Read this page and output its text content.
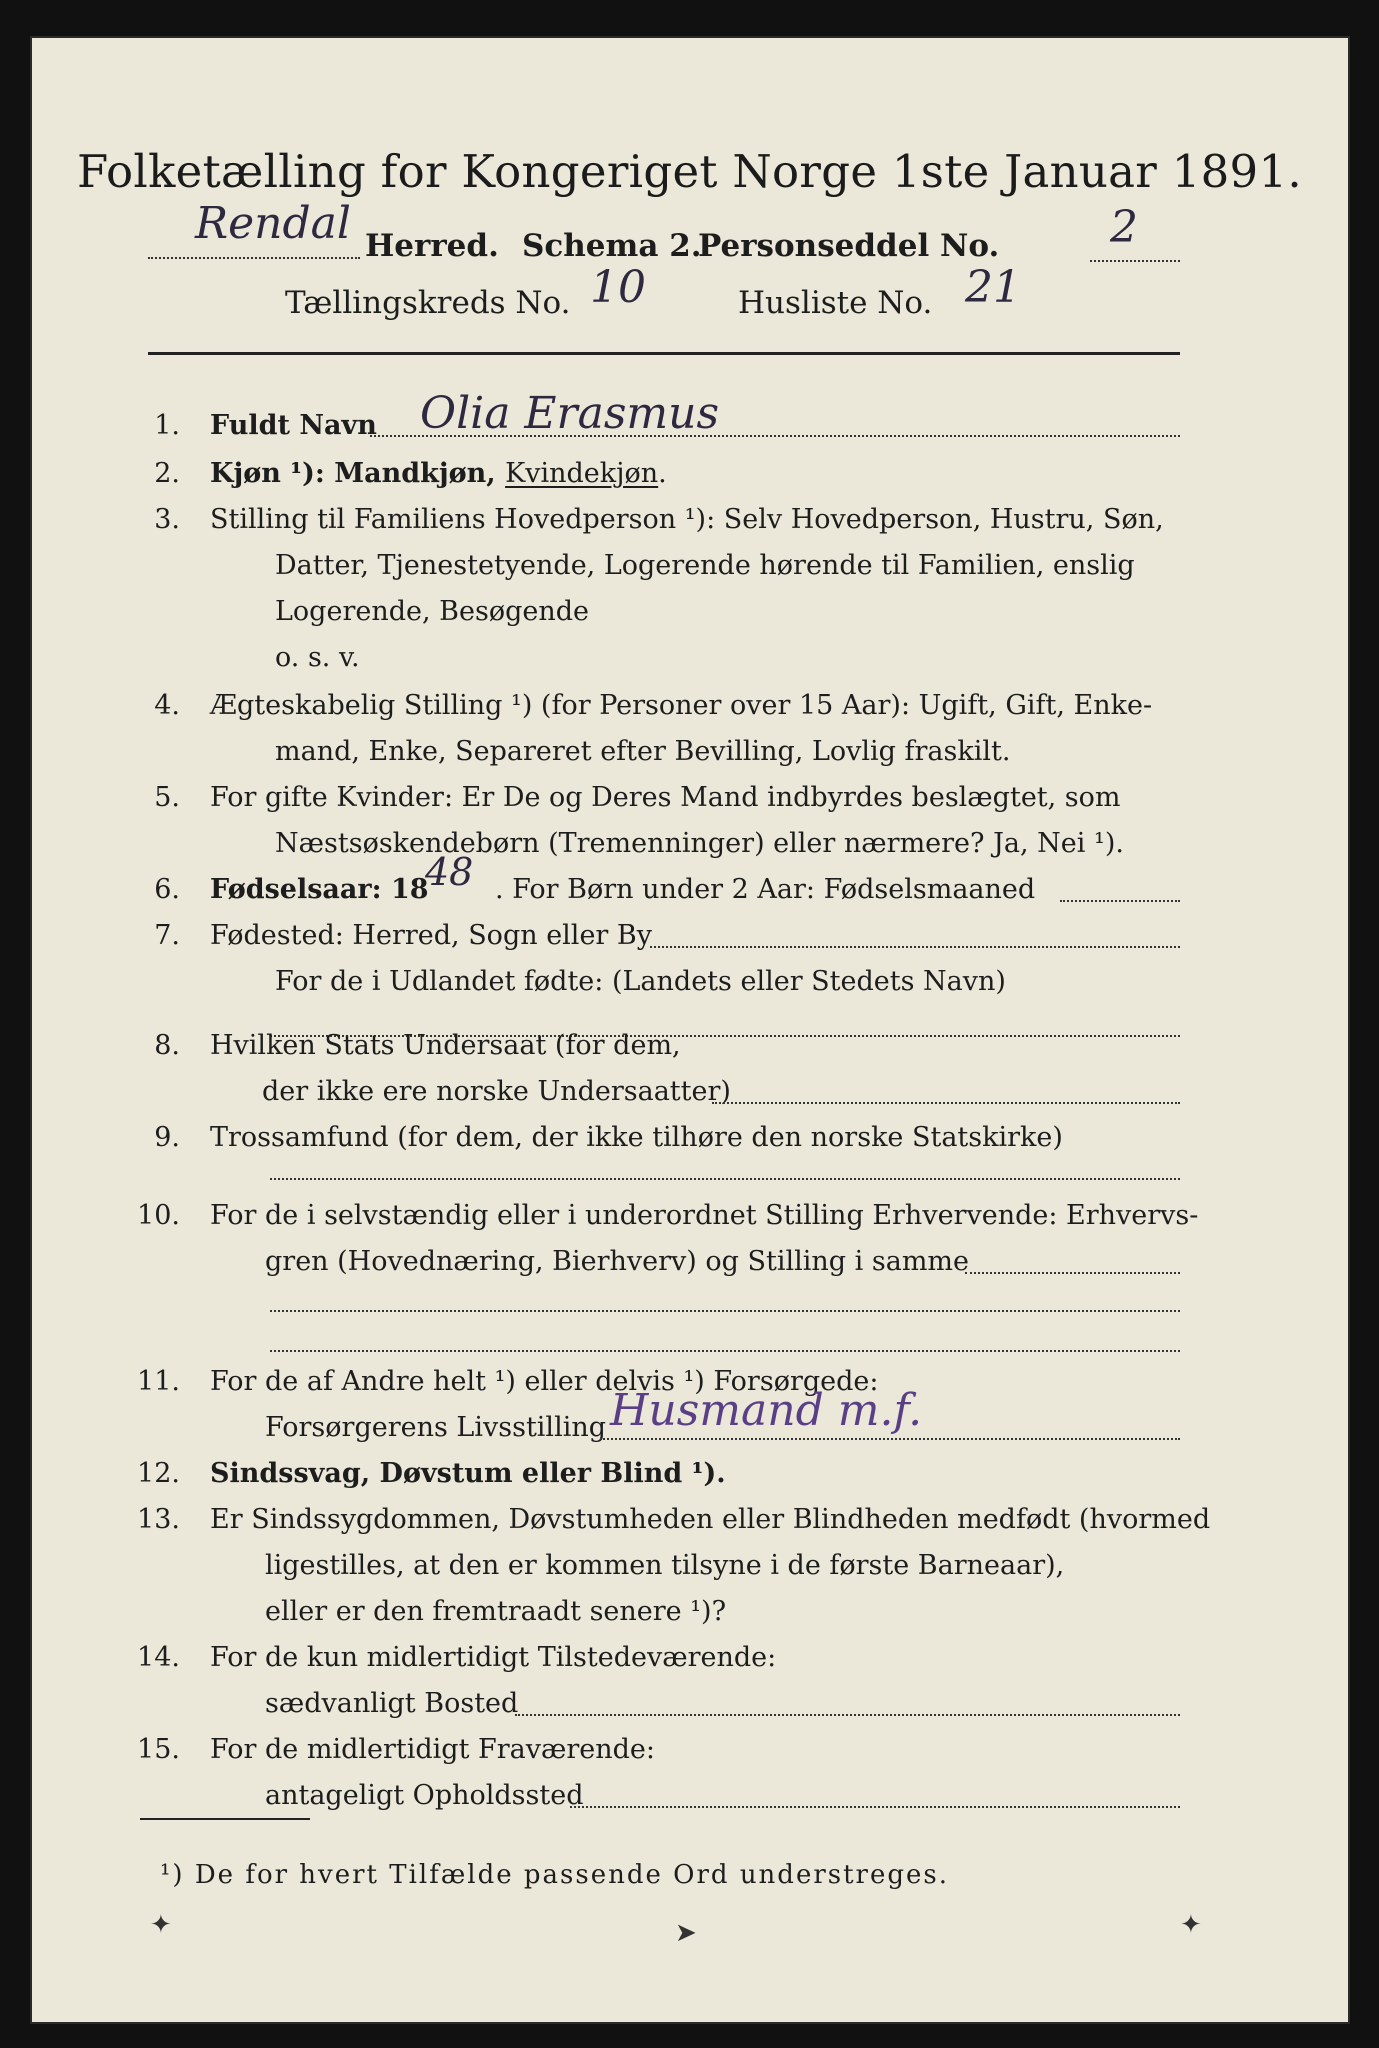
Folketælling for Kongeriget Norge 1ste Januar 1891.
Rendal Herred. Schema 2.
Personseddel No.	2
Tællingskreds No. 10	Husliste No. 21
1. Fuldt Navn Olia Erasmus
2. Kjøn ¹): Mandkjøn, Kvindekjøn.
3. Stilling til Familiens Hovedperson ¹): Selv Hovedperson, Hustru, Søn,
Datter, Tjenestetyende, Logerende hørende til Familien, enslig
Logerende, Besøgende
o. s. v.
4. Ægteskabelig Stilling ¹) (for Personer over 15 Aar): Ugift, Gift, Enke-
mand, Enke, Separeret efter Bevilling, Lovlig fraskilt.
5. For gifte Kvinder: Er De og Deres Mand indbyrdes beslægtet, som
Næstsøskendebørn (Tremenninger) eller nærmere? Ja, Nei ¹).
6. Fødselsaar: 18
48 . For Børn under 2 Aar: Fødselsmaaned
7. Fødested: Herred, Sogn eller By
For de i Udlandet fødte: (Landets eller Stedets Navn)
8. Hvilken Stats Undersaat (for dem,
der ikke ere norske Undersaatter)
9. Trossamfund (for dem, der ikke tilhøre den norske Statskirke)
10. For de i selvstændig eller i underordnet Stilling Erhvervende: Erhvervs-
gren (Hovednæring, Bierhverv) og Stilling i samme
11. For de af Andre helt ¹) eller delvis ¹) Forsørgede:
Forsørgerens Livsstilling Husmand m.f.
12. Sindssvag, Døvstum eller Blind ¹).
13. Er Sindssygdommen, Døvstumheden eller Blindheden medfødt (hvormed
ligestilles, at den er kommen tilsyne i de første Barneaar),
eller er den fremtraadt senere ¹)?
14. For de kun midlertidigt Tilstedeværende:
sædvanligt Bosted
15. For de midlertidigt Fraværende:
antageligt Opholdssted
¹) De for hvert Tilfælde passende Ord understreges.
✦	➤	✦
